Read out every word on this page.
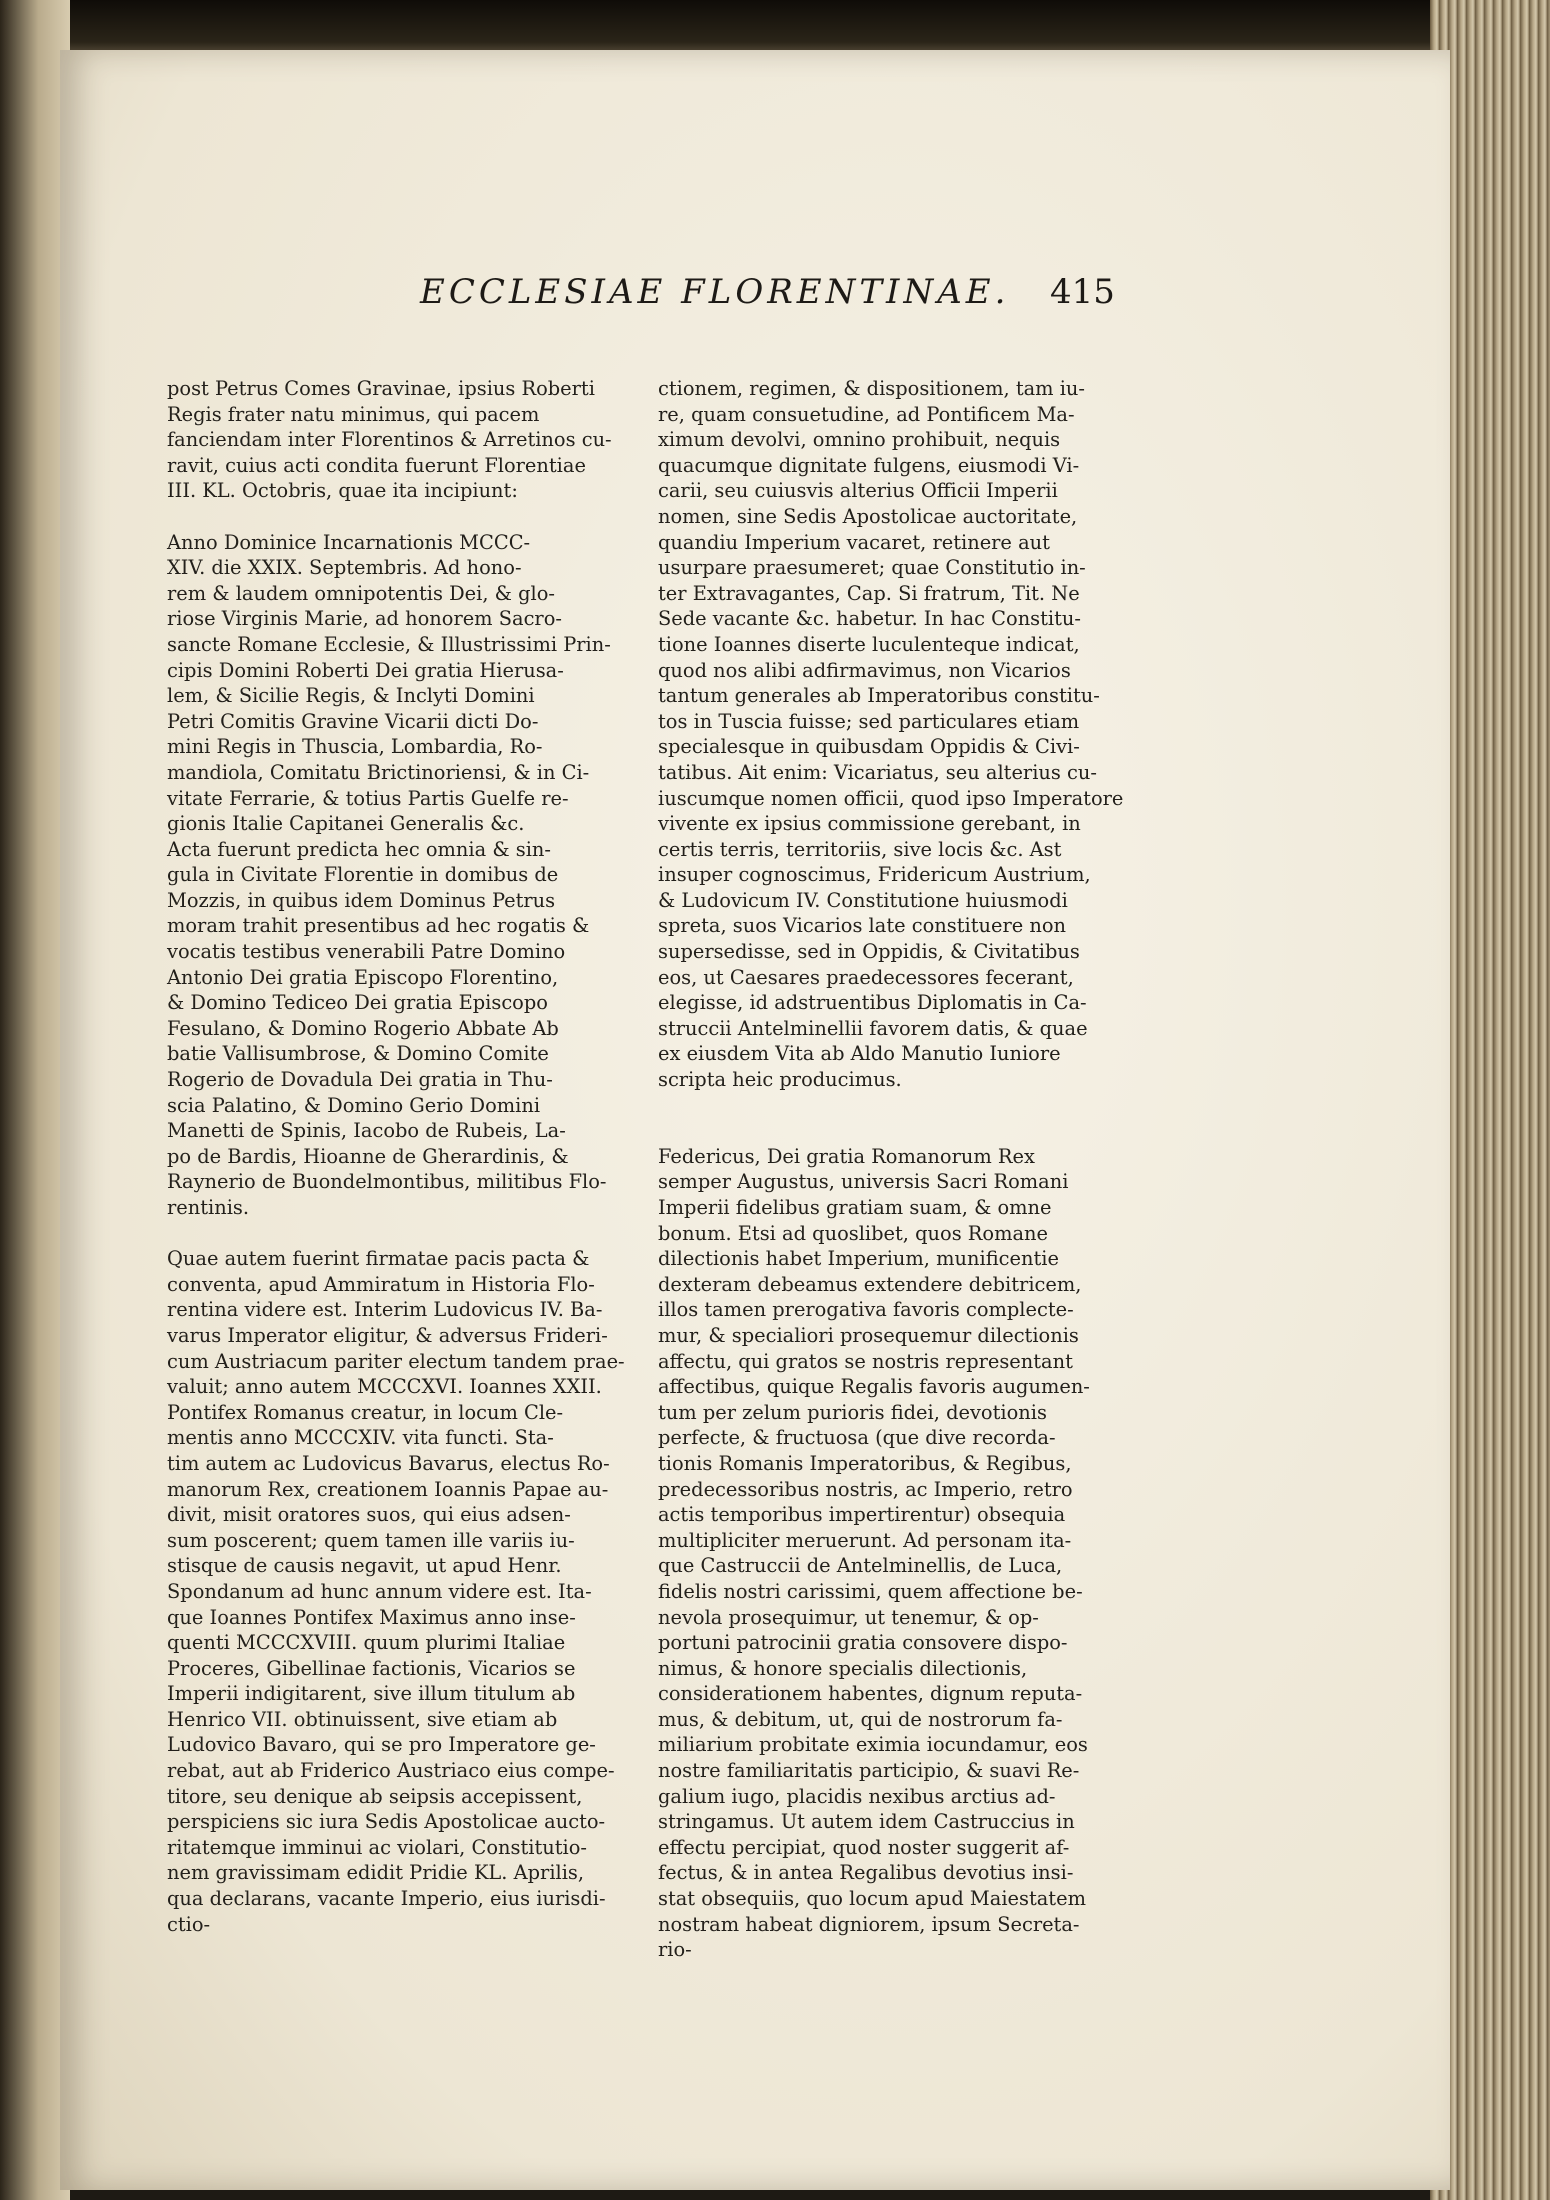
ECCLESIAE FLORENTINAE. 415
post Petrus Comes Gravinae, ipsius Roberti
Regis frater natu minimus, qui pacem
fanciendam inter Florentinos & Arretinos cu-
ravit, cuius acti condita fuerunt Florentiae
III. KL. Octobris, quae ita incipiunt:
Anno Dominice Incarnationis MCCC-
XIV. die XXIX. Septembris. Ad hono-
rem & laudem omnipotentis Dei, & glo-
riose Virginis Marie, ad honorem Sacro-
sancte Romane Ecclesie, & Illustrissimi Prin-
cipis Domini Roberti Dei gratia Hierusa-
lem, & Sicilie Regis, & Inclyti Domini
Petri Comitis Gravine Vicarii dicti Do-
mini Regis in Thuscia, Lombardia, Ro-
mandiola, Comitatu Brictinoriensi, & in Ci-
vitate Ferrarie, & totius Partis Guelfe re-
gionis Italie Capitanei Generalis &c.
Acta fuerunt predicta hec omnia & sin-
gula in Civitate Florentie in domibus de
Mozzis, in quibus idem Dominus Petrus
moram trahit presentibus ad hec rogatis &
vocatis testibus venerabili Patre Domino
Antonio Dei gratia Episcopo Florentino,
& Domino Tediceo Dei gratia Episcopo
Fesulano, & Domino Rogerio Abbate Ab
batie Vallisumbrose, & Domino Comite
Rogerio de Dovadula Dei gratia in Thu-
scia Palatino, & Domino Gerio Domini
Manetti de Spinis, Iacobo de Rubeis, La-
po de Bardis, Hioanne de Gherardinis, &
Raynerio de Buondelmontibus, militibus Flo-
rentinis.
Quae autem fuerint firmatae pacis pacta &
conventa, apud Ammiratum in Historia Flo-
rentina videre est. Interim Ludovicus IV. Ba-
varus Imperator eligitur, & adversus Frideri-
cum Austriacum pariter electum tandem prae-
valuit; anno autem MCCCXVI. Ioannes XXII.
Pontifex Romanus creatur, in locum Cle-
mentis anno MCCCXIV. vita functi. Sta-
tim autem ac Ludovicus Bavarus, electus Ro-
manorum Rex, creationem Ioannis Papae au-
divit, misit oratores suos, qui eius adsen-
sum poscerent; quem tamen ille variis iu-
stisque de causis negavit, ut apud Henr.
Spondanum ad hunc annum videre est. Ita-
que Ioannes Pontifex Maximus anno inse-
quenti MCCCXVIII. quum plurimi Italiae
Proceres, Gibellinae factionis, Vicarios se
Imperii indigitarent, sive illum titulum ab
Henrico VII. obtinuissent, sive etiam ab
Ludovico Bavaro, qui se pro Imperatore ge-
rebat, aut ab Friderico Austriaco eius compe-
titore, seu denique ab seipsis accepissent,
perspiciens sic iura Sedis Apostolicae aucto-
ritatemque imminui ac violari, Constitutio-
nem gravissimam edidit Pridie KL. Aprilis,
qua declarans, vacante Imperio, eius iurisdi-
ctio-
ctionem, regimen, & dispositionem, tam iu-
re, quam consuetudine, ad Pontificem Ma-
ximum devolvi, omnino prohibuit, nequis
quacumque dignitate fulgens, eiusmodi Vi-
carii, seu cuiusvis alterius Officii Imperii
nomen, sine Sedis Apostolicae auctoritate,
quandiu Imperium vacaret, retinere aut
usurpare praesumeret; quae Constitutio in-
ter Extravagantes, Cap. Si fratrum, Tit. Ne
Sede vacante &c. habetur. In hac Constitu-
tione Ioannes diserte luculenteque indicat,
quod nos alibi adfirmavimus, non Vicarios
tantum generales ab Imperatoribus constitu-
tos in Tuscia fuisse; sed particulares etiam
specialesque in quibusdam Oppidis & Civi-
tatibus. Ait enim: Vicariatus, seu alterius cu-
iuscumque nomen officii, quod ipso Imperatore
vivente ex ipsius commissione gerebant, in
certis terris, territoriis, sive locis &c. Ast
insuper cognoscimus, Fridericum Austrium,
& Ludovicum IV. Constitutione huiusmodi
spreta, suos Vicarios late constituere non
supersedisse, sed in Oppidis, & Civitatibus
eos, ut Caesares praedecessores fecerant,
elegisse, id adstruentibus Diplomatis in Ca-
struccii Antelminellii favorem datis, & quae
ex eiusdem Vita ab Aldo Manutio Iuniore
scripta heic producimus.
Federicus, Dei gratia Romanorum Rex
semper Augustus, universis Sacri Romani
Imperii fidelibus gratiam suam, & omne
bonum. Etsi ad quoslibet, quos Romane
dilectionis habet Imperium, munificentie
dexteram debeamus extendere debitricem,
illos tamen prerogativa favoris complecte-
mur, & specialiori prosequemur dilectionis
affectu, qui gratos se nostris representant
affectibus, quique Regalis favoris augumen-
tum per zelum purioris fidei, devotionis
perfecte, & fructuosa (que dive recorda-
tionis Romanis Imperatoribus, & Regibus,
predecessoribus nostris, ac Imperio, retro
actis temporibus impertirentur) obsequia
multipliciter meruerunt. Ad personam ita-
que Castruccii de Antelminellis, de Luca,
fidelis nostri carissimi, quem affectione be-
nevola prosequimur, ut tenemur, & op-
portuni patrocinii gratia consovere dispo-
nimus, & honore specialis dilectionis,
considerationem habentes, dignum reputa-
mus, & debitum, ut, qui de nostrorum fa-
miliarium probitate eximia iocundamur, eos
nostre familiaritatis participio, & suavi Re-
galium iugo, placidis nexibus arctius ad-
stringamus. Ut autem idem Castruccius in
effectu percipiat, quod noster suggerit af-
fectus, & in antea Regalibus devotius insi-
stat obsequiis, quo locum apud Maiestatem
nostram habeat digniorem, ipsum Secreta-
rio-
